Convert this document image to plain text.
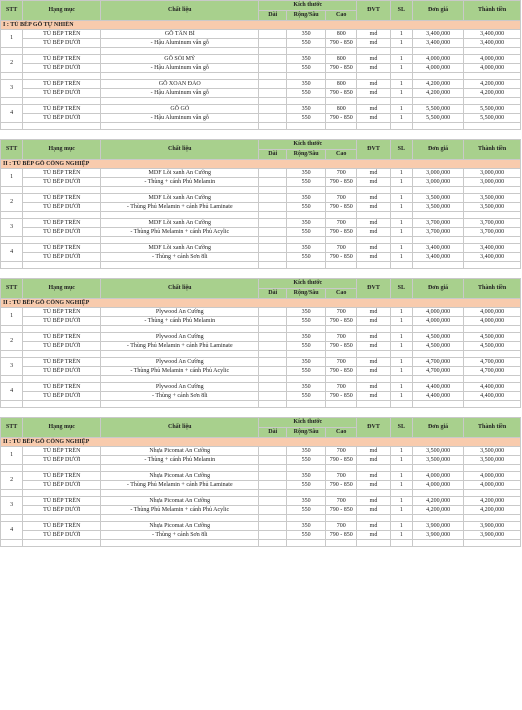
STT	Hạng mục	Chất liệu	Kích thước			ĐVT	SL	Đơn giá	Thành tiền
			Dài	Rộng/Sâu	Cao				
I : TỦ BẾP GỖ TỰ NHIÊN									
1	TỦ BẾP TRÊN	GỖ TẦN BÌ		350	800	md	1	3,400,000	3,400,000
	TỦ BẾP DƯỚI	- Hậu Aluminum vân gỗ		550	790 - 850	md	1	3,400,000	3,400,000

2	TỦ BẾP TRÊN	GỖ SỒI MỸ		350	800	md	1	4,000,000	4,000,000
	TỦ BẾP DƯỚI	- Hậu Aluminum vân gỗ		550	790 - 850	md	1	4,000,000	4,000,000

3	TỦ BẾP TRÊN	GỖ XOAN ĐÀO		350	800	md	1	4,200,000	4,200,000
	TỦ BẾP DƯỚI	- Hậu Aluminum vân gỗ		550	790 - 850	md	1	4,200,000	4,200,000

4	TỦ BẾP TRÊN	GỖ GÕ		350	800	md	1	5,500,000	5,500,000
	TỦ BẾP DƯỚI	- Hậu Aluminum vân gỗ		550	790 - 850	md	1	5,500,000	5,500,000

STT	Hạng mục	Chất liệu	Kích thước			ĐVT	SL	Đơn giá	Thành tiền
			Dài	Rộng/Sâu	Cao				
II : TỦ BẾP GỖ CÔNG NGHIỆP									
1	TỦ BẾP TRÊN	MDF Lõi xanh An Cường		350	700	md	1	3,000,000	3,000,000
	TỦ BẾP DƯỚI	- Thùng + cánh Phủ Melamin		550	790 - 850	md	1	3,000,000	3,000,000

2	TỦ BẾP TRÊN	MDF Lõi xanh An Cường		350	700	md	1	3,500,000	3,500,000
	TỦ BẾP DƯỚI	- Thùng Phủ Melamin + cánh Phủ Laminate		550	790 - 850	md	1	3,500,000	3,500,000

3	TỦ BẾP TRÊN	MDF Lõi xanh An Cường		350	700	md	1	3,700,000	3,700,000
	TỦ BẾP DƯỚI	- Thùng Phủ Melamin + cánh Phủ Acylic		550	790 - 850	md	1	3,700,000	3,700,000

4	TỦ BẾP TRÊN	MDF Lõi xanh An Cường		350	700	md	1	3,400,000	3,400,000
	TỦ BẾP DƯỚI	- Thùng + cánh Sơn 8li		550	790 - 850	md	1	3,400,000	3,400,000

STT	Hạng mục	Chất liệu	Kích thước			ĐVT	SL	Đơn giá	Thành tiền
			Dài	Rộng/Sâu	Cao				
II : TỦ BẾP GỖ CÔNG NGHIỆP									
1	TỦ BẾP TRÊN	Plywood An Cường		350	700	md	1	4,000,000	4,000,000
	TỦ BẾP DƯỚI	- Thùng + cánh Phủ Melamin		550	790 - 850	md	1	4,000,000	4,000,000

2	TỦ BẾP TRÊN	Plywood An Cường		350	700	md	1	4,500,000	4,500,000
	TỦ BẾP DƯỚI	- Thùng Phủ Melamin + cánh Phủ Laminate		550	790 - 850	md	1	4,500,000	4,500,000

3	TỦ BẾP TRÊN	Plywood An Cường		350	700	md	1	4,700,000	4,700,000
	TỦ BẾP DƯỚI	- Thùng Phủ Melamin + cánh Phủ Acylic		550	790 - 850	md	1	4,700,000	4,700,000

4	TỦ BẾP TRÊN	Plywood An Cường		350	700	md	1	4,400,000	4,400,000
	TỦ BẾP DƯỚI	- Thùng + cánh Sơn 8li		550	790 - 850	md	1	4,400,000	4,400,000

STT	Hạng mục	Chất liệu	Kích thước			ĐVT	SL	Đơn giá	Thành tiền
			Dài	Rộng/Sâu	Cao				
II : TỦ BẾP GỖ CÔNG NGHIỆP									
1	TỦ BẾP TRÊN	Nhựa Picomat An Cường		350	700	md	1	3,500,000	3,500,000
	TỦ BẾP DƯỚI	- Thùng + cánh Phủ Melamin		550	790 - 850	md	1	3,500,000	3,500,000

2	TỦ BẾP TRÊN	Nhựa Picomat An Cường		350	700	md	1	4,000,000	4,000,000
	TỦ BẾP DƯỚI	- Thùng Phủ Melamin + cánh Phủ Laminate		550	790 - 850	md	1	4,000,000	4,000,000

3	TỦ BẾP TRÊN	Nhựa Picomat An Cường		350	700	md	1	4,200,000	4,200,000
	TỦ BẾP DƯỚI	- Thùng Phủ Melamin + cánh Phủ Acylic		550	790 - 850	md	1	4,200,000	4,200,000

4	TỦ BẾP TRÊN	Nhựa Picomat An Cường		350	700	md	1	3,900,000	3,900,000
	TỦ BẾP DƯỚI	- Thùng + cánh Sơn 8li		550	790 - 850	md	1	3,900,000	3,900,000
